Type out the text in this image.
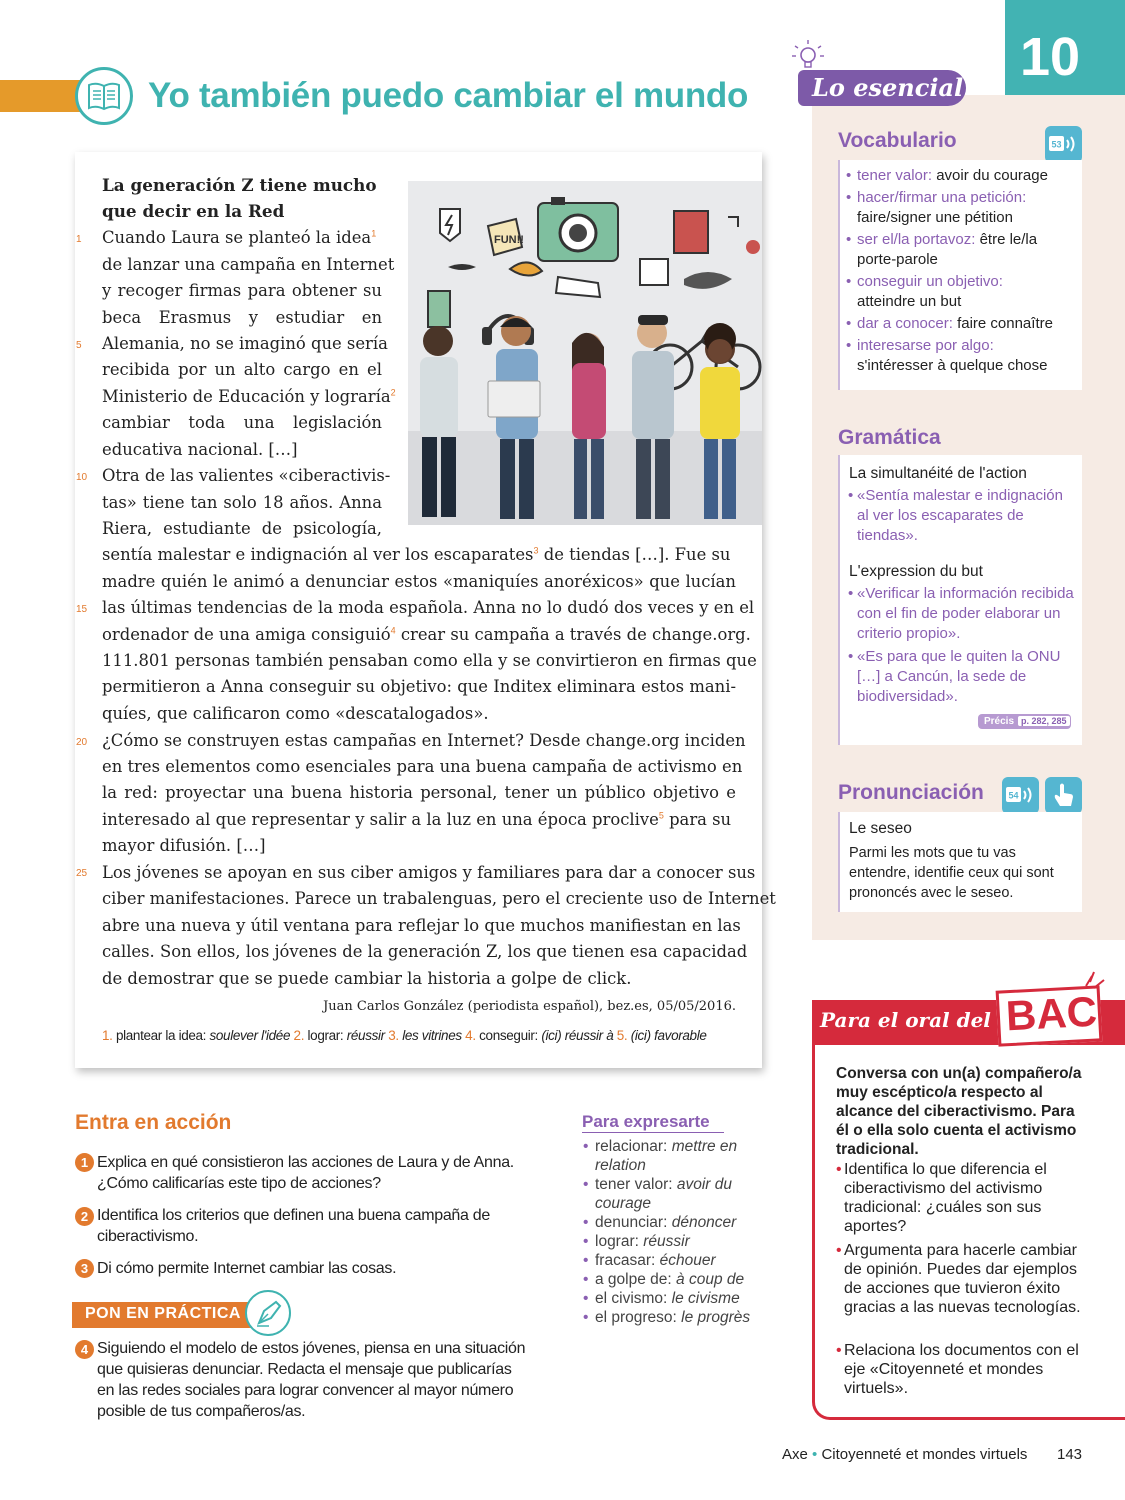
Yo también puedo cambiar el mundo
10
Lo esencial
Vocabulario	53
• tener valor: avoir du courage
• hacer/firmar una petición:
faire/signer une pétition
• ser el/la portavoz: être le/la porte-parole
• conseguir un objetivo:
atteindre un but
• dar a conocer: faire connaître
• interesarse por algo:
s'intéresser à quelque chose
Gramática
La simultanéité de l'action
• «Sentía malestar e indignación al ver los escaparates de tiendas».
L'expression du but
• «Verificar la información recibida con el fin de poder elaborar un criterio propio».
• «Es para que le quiten la ONU […] a Cancún, la sede de biodiversidad».
Précis p. 282, 285
Pronunciación	54
Le seseo
Parmi les mots que tu vas entendre, identifie ceux qui sont prononcés avec le seseo.
FUN!!
La generación Z tiene mucho
que decir en la Red
1
5
10
15
20
25
Cuando Laura se planteó la idea$^1$
de lanzar una campaña en Internet
y recoger firmas para obtener su
beca Erasmus y estudiar en
Alemania, no se imaginó que sería
recibida por un alto cargo en el
Ministerio de Educación y lograría$^2$
cambiar toda una legislación
educativa nacional. […]
Otra de las valientes «ciberactivis-
tas» tiene tan solo 18 años. Anna
Riera, estudiante de psicología,
sentía malestar e indignación al ver los escaparates$^3$ de tiendas […]. Fue su
madre quién le animó a denunciar estos «maniquíes anoréxicos» que lucían
las últimas tendencias de la moda española. Anna no lo dudó dos veces y en el
ordenador de una amiga consiguió$^4$ crear su campaña a través de change.org.
111.801 personas también pensaban como ella y se convirtieron en firmas que
permitieron a Anna conseguir su objetivo: que Inditex eliminara estos mani-
quíes, que calificaron como «descatalogados».
¿Cómo se construyen estas campañas en Internet? Desde change.org inciden
en tres elementos como esenciales para una buena campaña de activismo en
la red: proyectar una buena historia personal, tener un público objetivo e
interesado al que representar y salir a la luz en una época proclive$^5$ para su
mayor difusión. […]
Los jóvenes se apoyan en sus ciber amigos y familiares para dar a conocer sus
ciber manifestaciones. Parece un trabalenguas, pero el creciente uso de Internet
abre una nueva y útil ventana para reflejar lo que muchos manifiestan en las
calles. Son ellos, los jóvenes de la generación Z, los que tienen esa capacidad
de demostrar que se puede cambiar la historia a golpe de click.
Juan Carlos González (periodista español), bez.es, 05/05/2016.
1. plantear la idea: soulever l'idée 2. lograr: réussir 3. les vitrines 4. conseguir: (ici) réussir à 5. (ici) favorable
Entra en acción
1 Explica en qué consistieron las acciones de Laura y de Anna. ¿Cómo calificarías este tipo de acciones?
2 Identifica los criterios que definen una buena campaña de ciberactivismo.
3 Di cómo permite Internet cambiar las cosas.
PON EN PRÁCTICA
4 Siguiendo el modelo de estos jóvenes, piensa en una situación que quisieras denunciar. Redacta el mensaje que publicarías en las redes sociales para lograr convencer al mayor número posible de tus compañeros/as.
Para expresarte
• relacionar: mettre en relation
• tener valor: avoir du courage
• denunciar: dénoncer
• lograr: réussir
• fracasar: échouer
• a golpe de: à coup de
• el civismo: le civisme
• el progreso: le progrès
Para el oral del BAC
Conversa con un(a) compañero/a muy escéptico/a respecto al alcance del ciberactivismo. Para él o ella solo cuenta el activismo tradicional.
• Identifica lo que diferencia el ciberactivismo del activismo tradicional: ¿cuáles son sus aportes?
• Argumenta para hacerle cambiar de opinión. Puedes dar ejemplos de acciones que tuvieron éxito gracias a las nuevas tecnologías.
• Relaciona los documentos con el eje «Citoyenneté et mondes virtuels».
Axe • Citoyenneté et mondes virtuels 143
